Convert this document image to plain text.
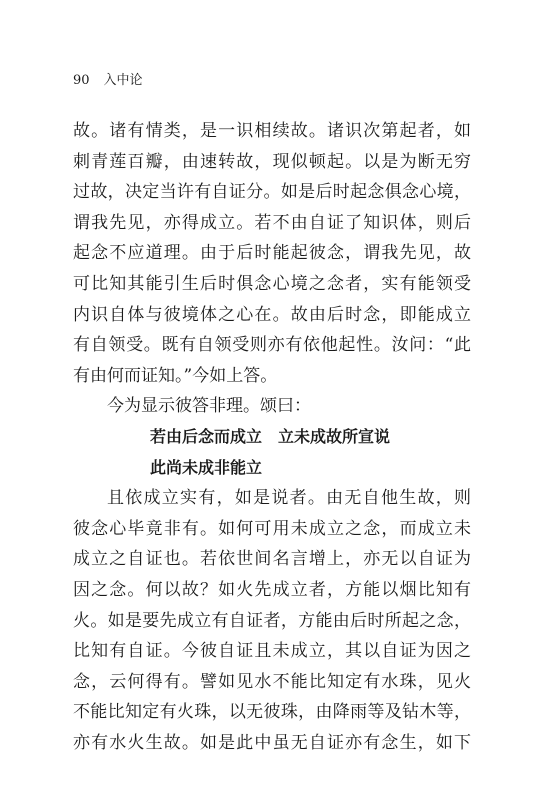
90 入中论
故。诸有情类，是一识相续故。诸识次第起者，如
刺青莲百瓣，由速转故，现似顿起。以是为断无穷
过故，决定当许有自证分。如是后时起念俱念心境，
谓我先见，亦得成立。若不由自证了知识体，则后
起念不应道理。由于后时能起彼念，谓我先见，故
可比知其能引生后时俱念心境之念者，实有能领受
内识自体与彼境体之心在。故由后时念，即能成立
有自领受。既有自领受则亦有依他起性。汝问：“此
有由何而证知。”今如上答。
今为显示彼答非理。颂曰：
若由后念而成立　立未成故所宣说
此尚未成非能立
且依成立实有，如是说者。由无自他生故，则
彼念心毕竟非有。如何可用未成立之念，而成立未
成立之自证也。若依世间名言增上，亦无以自证为
因之念。何以故？如火先成立者，方能以烟比知有
火。如是要先成立有自证者，方能由后时所起之念，
比知有自证。今彼自证且未成立，其以自证为因之
念，云何得有。譬如见水不能比知定有水珠，见火
不能比知定有火珠，以无彼珠，由降雨等及钻木等，
亦有水火生故。如是此中虽无自证亦有念生，如下
